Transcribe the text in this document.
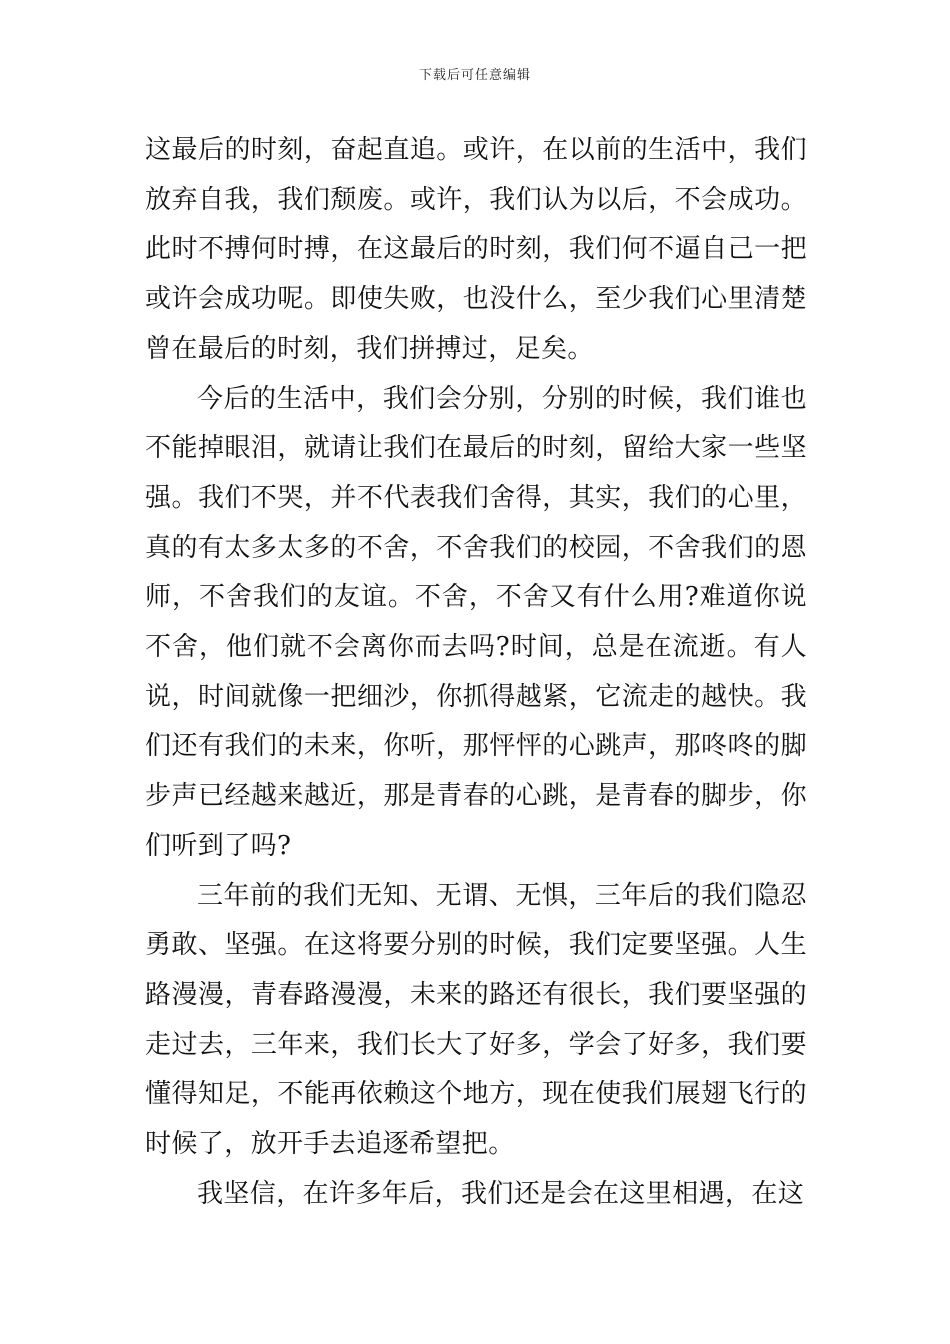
下载后可任意编辑

这最后的时刻，奋起直追。或许，在以前的生活中，我们放弃自我，我们颓废。或许，我们认为以后，不会成功。此时不搏何时搏，在这最后的时刻，我们何不逼自己一把或许会成功呢。即使失败，也没什么，至少我们心里清楚曾在最后的时刻，我们拼搏过，足矣。

今后的生活中，我们会分别，分别的时候，我们谁也不能掉眼泪，就请让我们在最后的时刻，留给大家一些坚强。我们不哭，并不代表我们舍得，其实，我们的心里，真的有太多太多的不舍，不舍我们的校园，不舍我们的恩师，不舍我们的友谊。不舍，不舍又有什么用?难道你说不舍，他们就不会离你而去吗?时间，总是在流逝。有人说，时间就像一把细沙，你抓得越紧，它流走的越快。我们还有我们的未来，你听，那怦怦的心跳声，那咚咚的脚步声已经越来越近，那是青春的心跳，是青春的脚步，你们听到了吗?

三年前的我们无知、无谓、无惧，三年后的我们隐忍勇敢、坚强。在这将要分别的时候，我们定要坚强。人生路漫漫，青春路漫漫，未来的路还有很长，我们要坚强的走过去，三年来，我们长大了好多，学会了好多，我们要懂得知足，不能再依赖这个地方，现在使我们展翅飞行的时候了，放开手去追逐希望把。

我坚信，在许多年后，我们还是会在这里相遇，在这
